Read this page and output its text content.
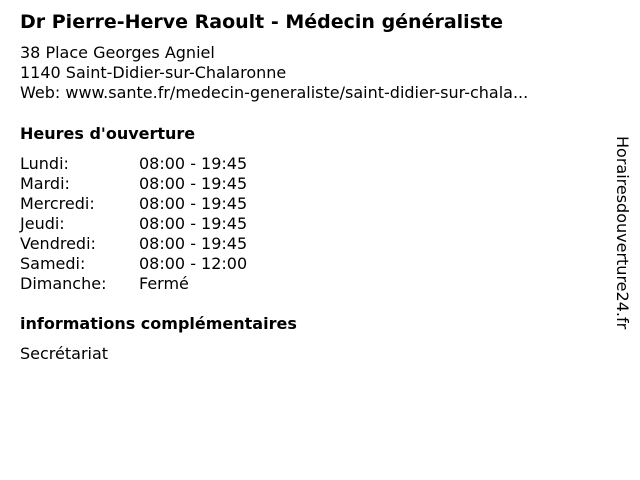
Dr Pierre-Herve Raoult - Médecin généraliste
38 Place Georges Agniel
1140 Saint-Didier-sur-Chalaronne
Web: www.sante.fr/medecin-generaliste/saint-didier-sur-chala...
Heures d'ouverture
Lundi:	08:00 - 19:45
Mardi:	08:00 - 19:45
Mercredi:	08:00 - 19:45
Jeudi:	08:00 - 19:45
Vendredi:	08:00 - 19:45
Samedi:	08:00 - 12:00
Dimanche:	Fermé
informations complémentaires
Secrétariat
Horairesdouverture24.fr
